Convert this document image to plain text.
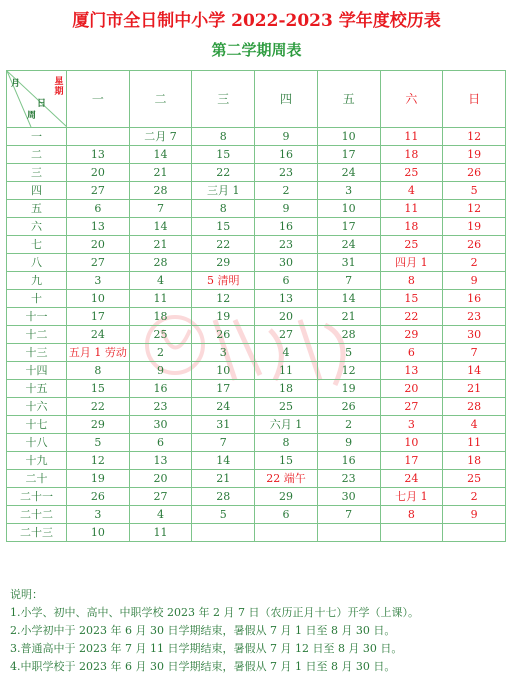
厦门市全日制中小学 2022-2023 学年度校历表
第二学期周表
月
日
周
星期	一	二	三	四	五	六	日
一		二月 7	8	9	10	11	12
二	13	14	15	16	17	18	19
三	20	21	22	23	24	25	26
四	27	28	三月 1	2	3	4	5
五	6	7	8	9	10	11	12
六	13	14	15	16	17	18	19
七	20	21	22	23	24	25	26
八	27	28	29	30	31	四月 1	2
九	3	4	5 清明	6	7	8	9
十	10	11	12	13	14	15	16
十一	17	18	19	20	21	22	23
十二	24	25	26	27	28	29	30
十三	五月 1 劳动	2	3	4	5	6	7
十四	8	9	10	11	12	13	14
十五	15	16	17	18	19	20	21
十六	22	23	24	25	26	27	28
十七	29	30	31	六月 1	2	3	4
十八	5	6	7	8	9	10	11
十九	12	13	14	15	16	17	18
二十	19	20	21	22 端午	23	24	25
二十一	26	27	28	29	30	七月 1	2
二十二	3	4	5	6	7	8	9
二十三	10	11					
说明：
1.小学、初中、高中、中职学校 2023 年 2 月 7 日（农历正月十七）开学（上课）。
2.小学初中于 2023 年 6 月 30 日学期结束，暑假从 7 月 1 日至 8 月 30 日。
3.普通高中于 2023 年 7 月 11 日学期结束，暑假从 7 月 12 日至 8 月 30 日。
4.中职学校于 2023 年 6 月 30 日学期结束，暑假从 7 月 1 日至 8 月 30 日。
